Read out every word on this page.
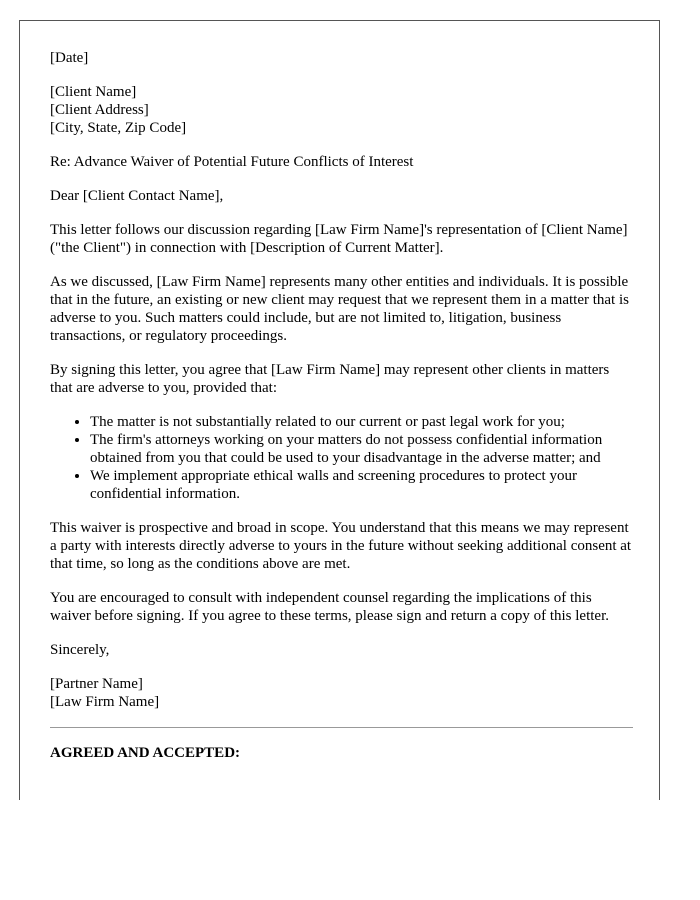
[Date]

[Client Name]
[Client Address]
[City, State, Zip Code]

Re: Advance Waiver of Potential Future Conflicts of Interest

Dear [Client Contact Name],

This letter follows our discussion regarding [Law Firm Name]'s representation of [Client Name] ("the Client") in connection with [Description of Current Matter].

As we discussed, [Law Firm Name] represents many other entities and individuals. It is possible that in the future, an existing or new client may request that we represent them in a matter that is adverse to you. Such matters could include, but are not limited to, litigation, business transactions, or regulatory proceedings.

By signing this letter, you agree that [Law Firm Name] may represent other clients in matters that are adverse to you, provided that:

• The matter is not substantially related to our current or past legal work for you;
• The firm's attorneys working on your matters do not possess confidential information obtained from you that could be used to your disadvantage in the adverse matter; and
• We implement appropriate ethical walls and screening procedures to protect your confidential information.

This waiver is prospective and broad in scope. You understand that this means we may represent a party with interests directly adverse to yours in the future without seeking additional consent at that time, so long as the conditions above are met.

You are encouraged to consult with independent counsel regarding the implications of this waiver before signing. If you agree to these terms, please sign and return a copy of this letter.

Sincerely,

[Partner Name]
[Law Firm Name]

AGREED AND ACCEPTED:
